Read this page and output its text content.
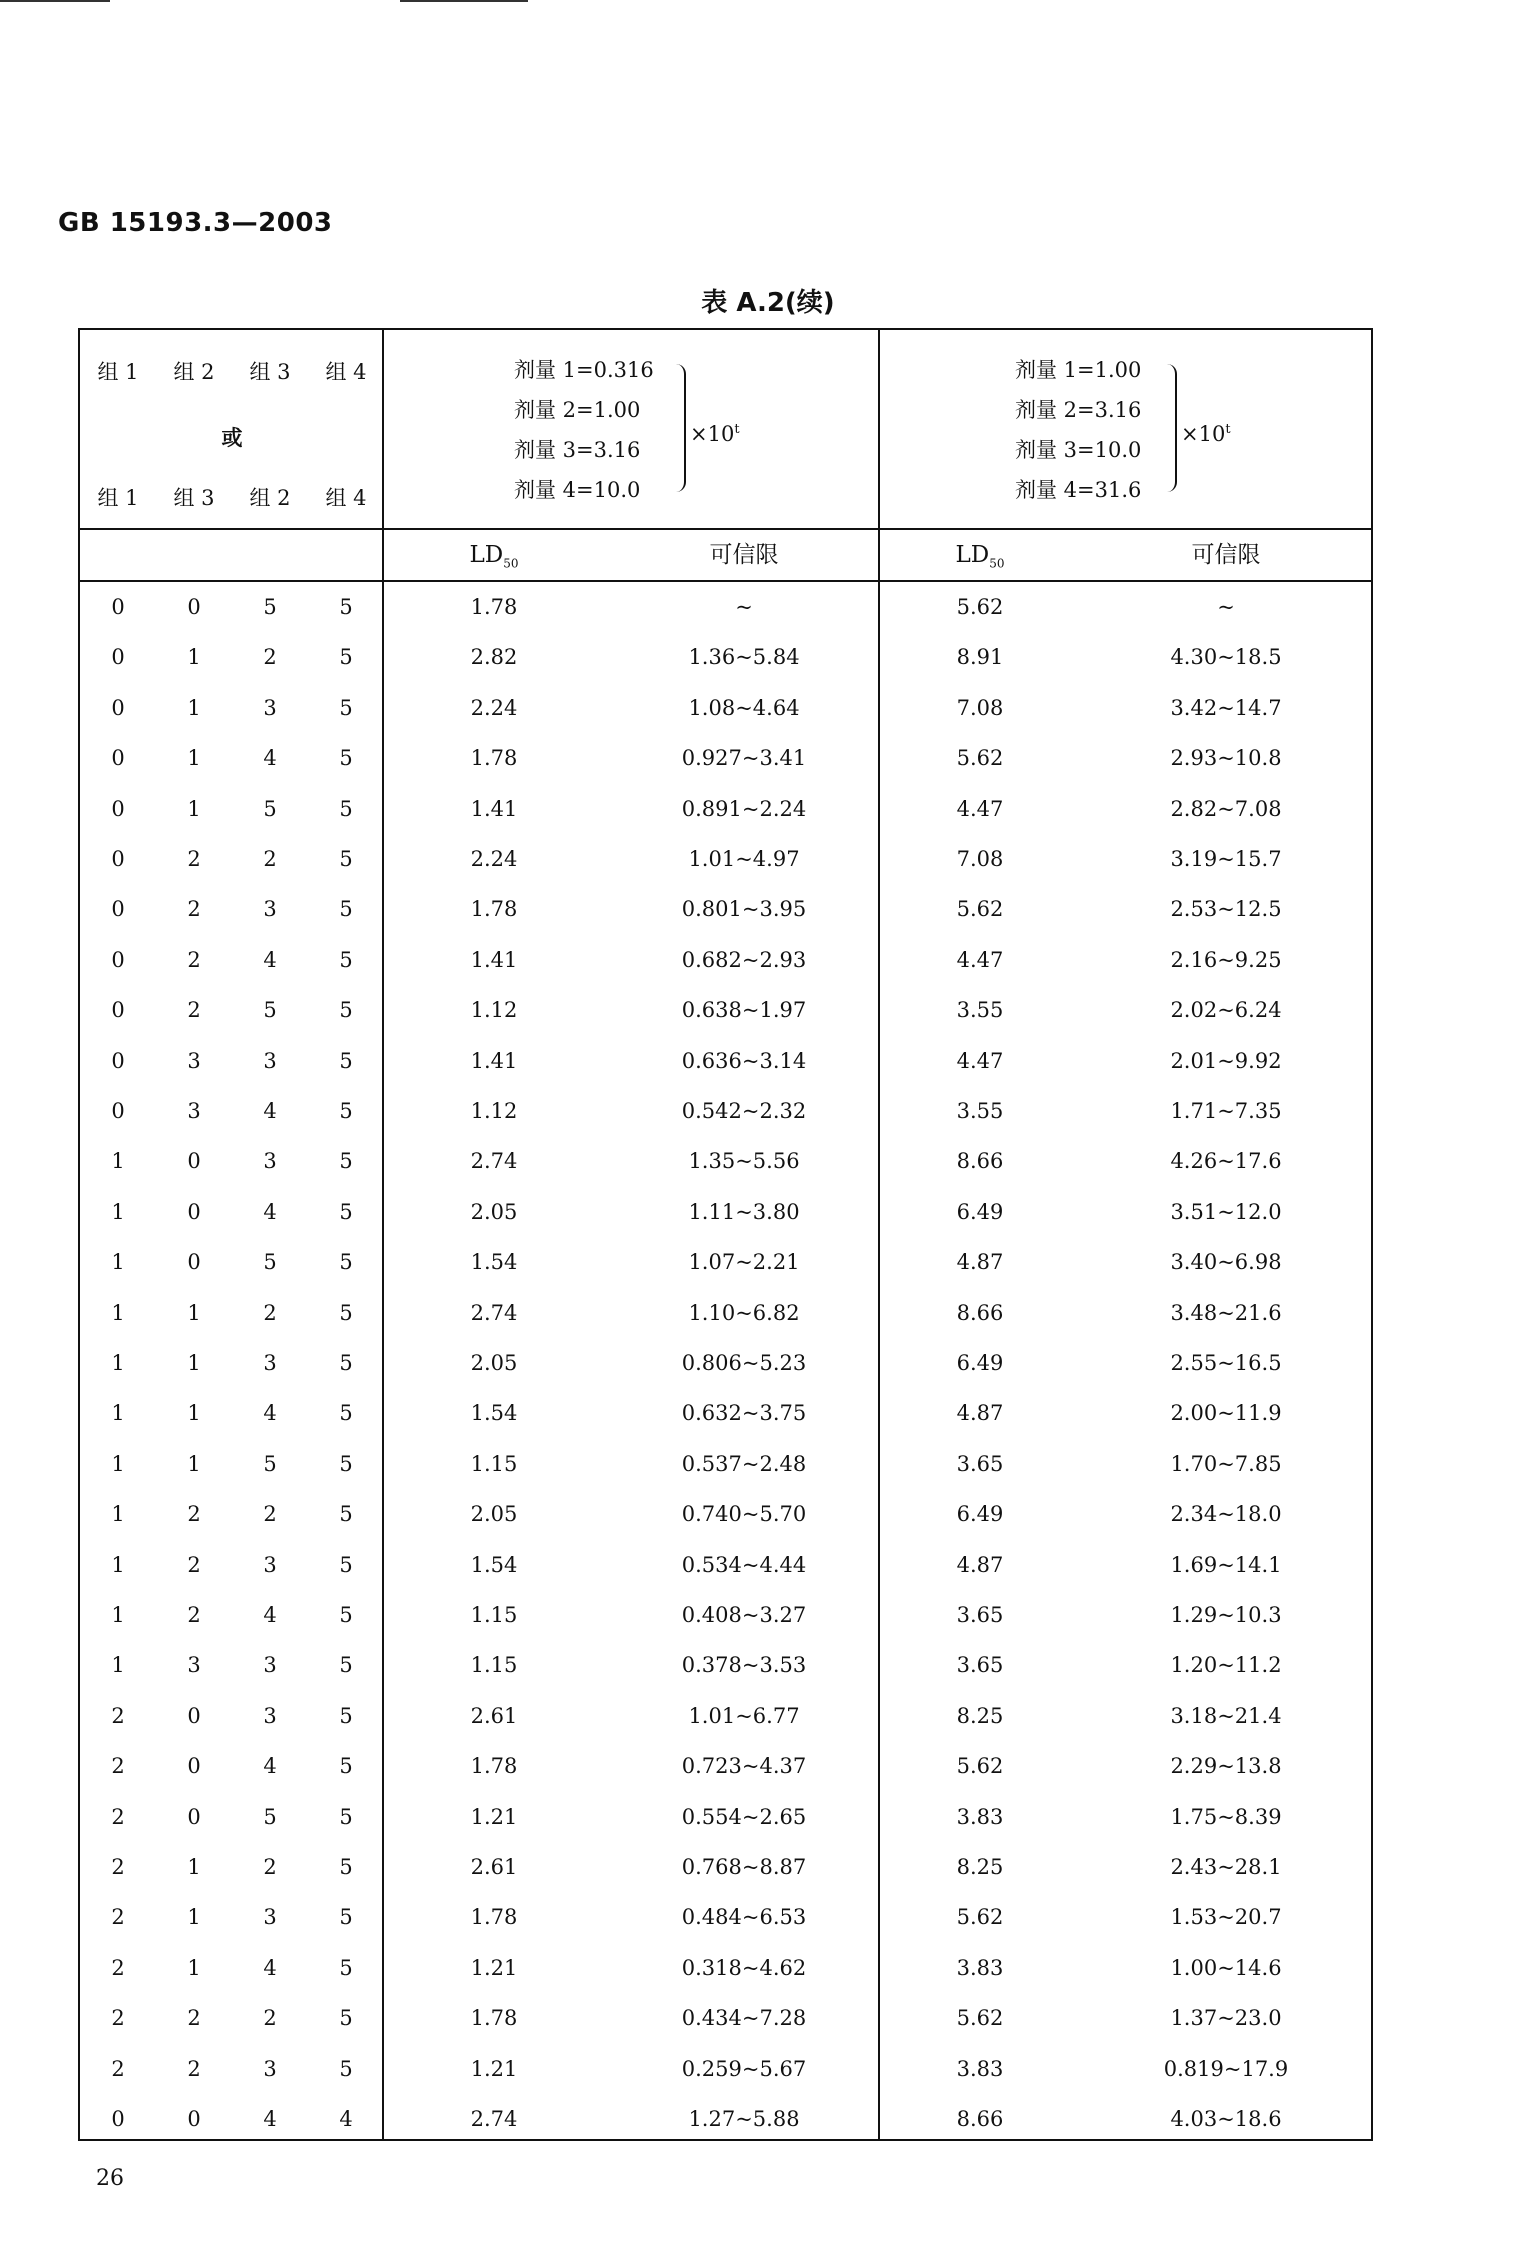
GB 15193.3—2003
表 A.2(续)
组 1	组 2	组 3	组 4
或
组 1	组 3	组 2	组 4
剂量 1=0.316
剂量 2=1.00
剂量 3=3.16
剂量 4=10.0
$\times 10^t$
剂量 1=1.00
剂量 2=3.16
剂量 3=10.0
剂量 4=31.6
$\times 10^t$
$LD_{50}$	可信限	$LD_{50}$	可信限
0	0	5	5	1.78	~	5.62	~
0	1	2	5	2.82	1.36~5.84	8.91	4.30~18.5
0	1	3	5	2.24	1.08~4.64	7.08	3.42~14.7
0	1	4	5	1.78	0.927~3.41	5.62	2.93~10.8
0	1	5	5	1.41	0.891~2.24	4.47	2.82~7.08
0	2	2	5	2.24	1.01~4.97	7.08	3.19~15.7
0	2	3	5	1.78	0.801~3.95	5.62	2.53~12.5
0	2	4	5	1.41	0.682~2.93	4.47	2.16~9.25
0	2	5	5	1.12	0.638~1.97	3.55	2.02~6.24
0	3	3	5	1.41	0.636~3.14	4.47	2.01~9.92
0	3	4	5	1.12	0.542~2.32	3.55	1.71~7.35
1	0	3	5	2.74	1.35~5.56	8.66	4.26~17.6
1	0	4	5	2.05	1.11~3.80	6.49	3.51~12.0
1	0	5	5	1.54	1.07~2.21	4.87	3.40~6.98
1	1	2	5	2.74	1.10~6.82	8.66	3.48~21.6
1	1	3	5	2.05	0.806~5.23	6.49	2.55~16.5
1	1	4	5	1.54	0.632~3.75	4.87	2.00~11.9
1	1	5	5	1.15	0.537~2.48	3.65	1.70~7.85
1	2	2	5	2.05	0.740~5.70	6.49	2.34~18.0
1	2	3	5	1.54	0.534~4.44	4.87	1.69~14.1
1	2	4	5	1.15	0.408~3.27	3.65	1.29~10.3
1	3	3	5	1.15	0.378~3.53	3.65	1.20~11.2
2	0	3	5	2.61	1.01~6.77	8.25	3.18~21.4
2	0	4	5	1.78	0.723~4.37	5.62	2.29~13.8
2	0	5	5	1.21	0.554~2.65	3.83	1.75~8.39
2	1	2	5	2.61	0.768~8.87	8.25	2.43~28.1
2	1	3	5	1.78	0.484~6.53	5.62	1.53~20.7
2	1	4	5	1.21	0.318~4.62	3.83	1.00~14.6
2	2	2	5	1.78	0.434~7.28	5.62	1.37~23.0
2	2	3	5	1.21	0.259~5.67	3.83	0.819~17.9
0	0	4	4	2.74	1.27~5.88	8.66	4.03~18.6
26
